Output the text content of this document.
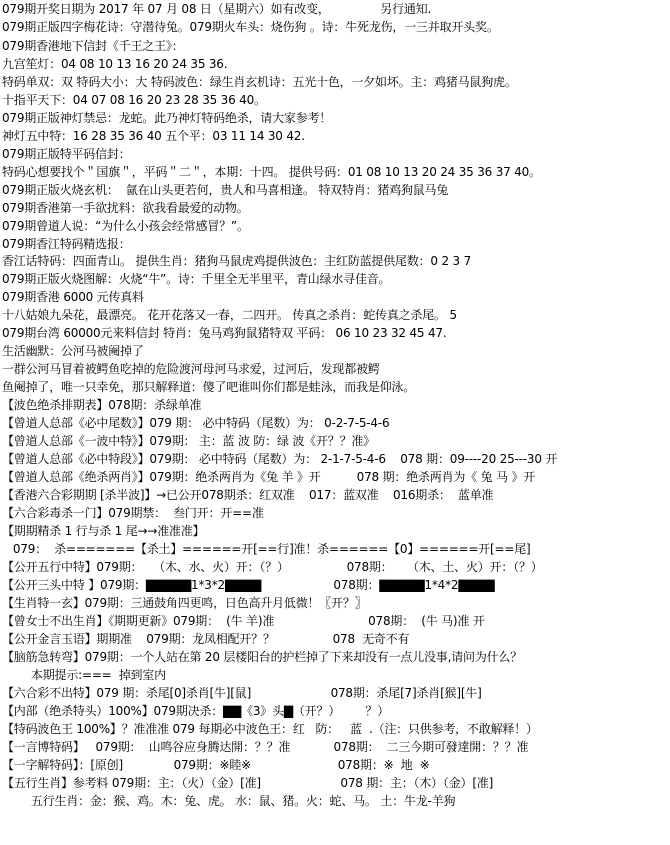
079期开奖日期为 2017 年 07 月 08 日（星期六）如有改变，              另行通知.
079期正版四字梅花诗：守潜待兔。079期火车头：烧伤狗 。诗：牛死龙伤，一三并取开头奖。
079期香港地下信封《千王之王》：
九宫笙灯：04 08 10 13 16 20 24 35 36.
特码单双：双 特码大小：大 特码波色：绿生肖玄机诗：五光十色，一夕如坏。主：鸡猪马鼠狗虎。
十指平天下：04 07 08 16 20 23 28 35 36 40。
079期正版神灯禁忌：龙蛇。此乃神灯特码绝杀，请大家参考！
神灯五中特：16 28 35 36 40 五个平：03 11 14 30 42.
079期正版特平码信封：
特码心想要找个＂国旗＂，平码＂二＂，本期：十四。 提供号码：01 08 10 13 20 24 35 36 37 40。
079期正版火烧玄机：  氤在山头更若何，贵人和马喜相逢。 特双特肖：猪鸡狗鼠马兔
079期香港第一手欲扰料：欲我看最爱的动物。
079期曾道人说：“为什么小孩会经常感冒？”。
079期香江特码精选报：
香江话特码：四面青山。 提供生肖：猪狗马鼠虎鸡提供波色：主红防蓝提供尾数：0 2 3 7
079期正版火烧图解：火烧“牛”。诗：千里全无半里平，青山绿水寻佳音。
079期香港 6000 元传真料
十八姑娘九朵花，最漂亮。 花开花落又一春，二四开。 传真之杀肖：蛇传真之杀尾。 5
079期台湾 60000元来料信封 特肖：兔马鸡狗鼠猪特双 平码： 06 10 23 32 45 47.
生活幽默：公河马被阉掉了
一群公河马冒着被鳄鱼吃掉的危险渡河母河马求爱，过河后，发现都被鳄
鱼阉掉了，唯一只幸免，那只解释道：傻了吧谁叫你们都是蛙泳，而我是仰泳。
【波色绝杀排期表】078期：杀绿单准
【曾道人总部《必中尾数》】079 期： 必中特码（尾数）为： 0-2-7-5-4-6
【曾道人总部《一波中特》】079期： 主：蓝 波 防：绿 波《开？？准》
【曾道人总部《必中特段》】079期： 必中特码（尾数）为： 2-1-7-5-4-6    078 期：09----20 25---30 开
【曾道人总部《绝杀两肖》】079期：绝杀两肖为《兔 羊 》开          078 期：绝杀两肖为《 兔 马 》开
【香港六合彩期期 [杀半波]】→已公开078期杀：红双准    017：蓝双准    016期杀：  蓝单准
【六合彩毒杀一门】079期禁：  叁门开：开==准
【期期精杀 1 行与杀 1 尾→→准准准】
079：  杀=======【杀土】======开[==行]准！杀======【0】======开[==尾]
【公开五行中特】079期：   （木、水、火）开：（？）                078期：    （木、土、火）开：（？）
【公开三头中特 】079期：▇▇▇▇▇1*3*2▇▇▇▇                    078期：▇▇▇▇▇1*4*2▇▇▇▇
【生肖特一玄】079期：三通鼓角四更鸣，日色高升月低微！〖开？〗
【曾女士不出生肖】《期期更新》079期：  (牛 羊)准                          078期：  (牛 马)准 开
【公开金言玉语】期期准    079期：龙凤相配开？？                078  无奇不有
【脑筋急转弯】079期：一个人站在第 20 层楼阳台的护栏掉了下来却没有一点儿没事,请问为什么？
本期提示:===  掉到室内
【六合彩不出特】079 期：杀尾[0]杀肖[牛][鼠]                      078期：杀尾[7]杀肖[猴][牛]
【内部（绝杀特头）100%】079期决杀：▇▇《3》头▇（开？）       ？）
【特码波色王 100%】？准准准 079 每期必中波色王：红   防：   蓝  .（注：只供参考，不敢解释！）
【一言博特码】   079期：  山鸣谷应身腾达開：？？准            078期：  二三今期可發達開：？？准
【一字解特码】：[原创]              079期：※睦※                        078期：※  地  ※
【五行生肖】参考料 079期：主：（火）（金）[准]                      078 期：主：（木）（金）[准]
五行生肖：金：猴、鸡。木：兔、虎。 水：鼠、猪。火：蛇、马。 土：牛龙-羊狗
